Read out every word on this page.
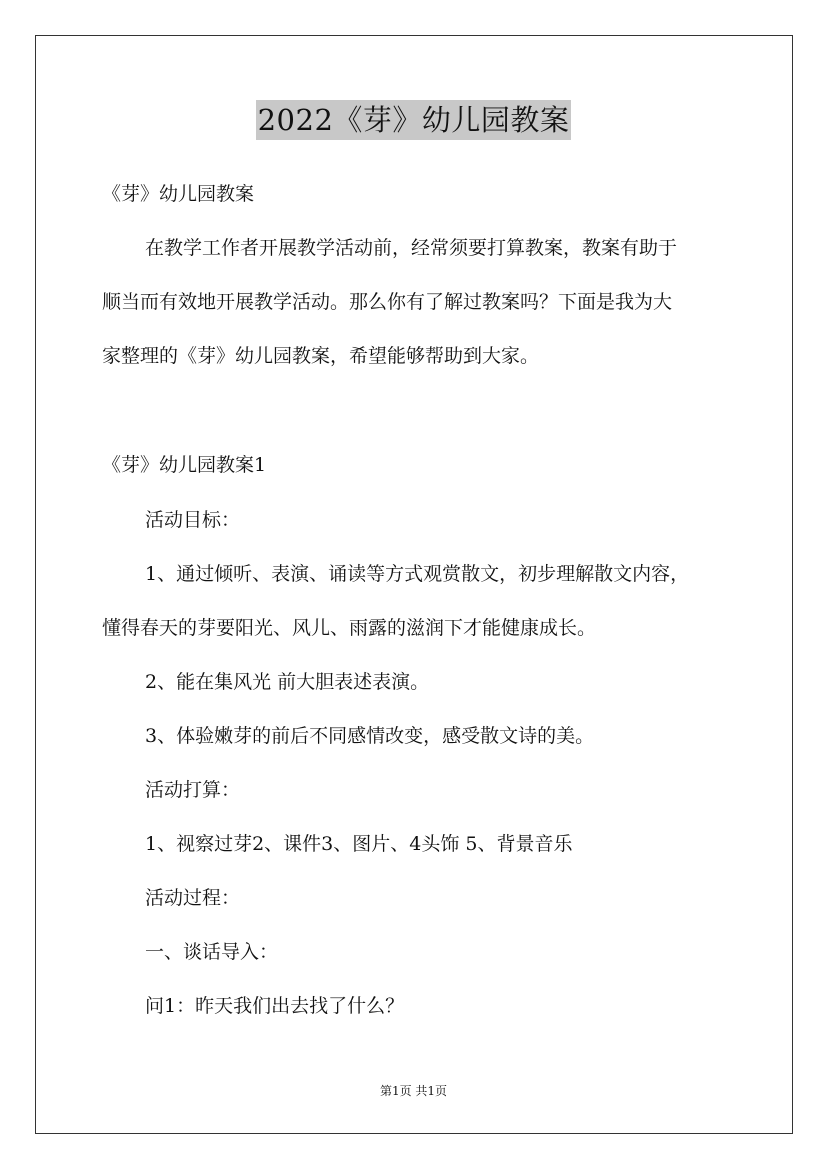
2022《芽》幼儿园教案
《芽》幼儿园教案
在教学工作者开展教学活动前，经常须要打算教案，教案有助于
顺当而有效地开展教学活动。那么你有了解过教案吗？下面是我为大
家整理的《芽》幼儿园教案，希望能够帮助到大家。
《芽》幼儿园教案1
活动目标：
1、通过倾听、表演、诵读等方式观赏散文，初步理解散文内容，
懂得春天的芽要阳光、风儿、雨露的滋润下才能健康成长。
2、能在集风光 前大胆表述表演。
3、体验嫩芽的前后不同感情改变，感受散文诗的美。
活动打算：
1、视察过芽2、课件3、图片、4头饰 5、背景音乐
活动过程：
一、谈话导入：
问1：昨天我们出去找了什么？
第1页 共1页
